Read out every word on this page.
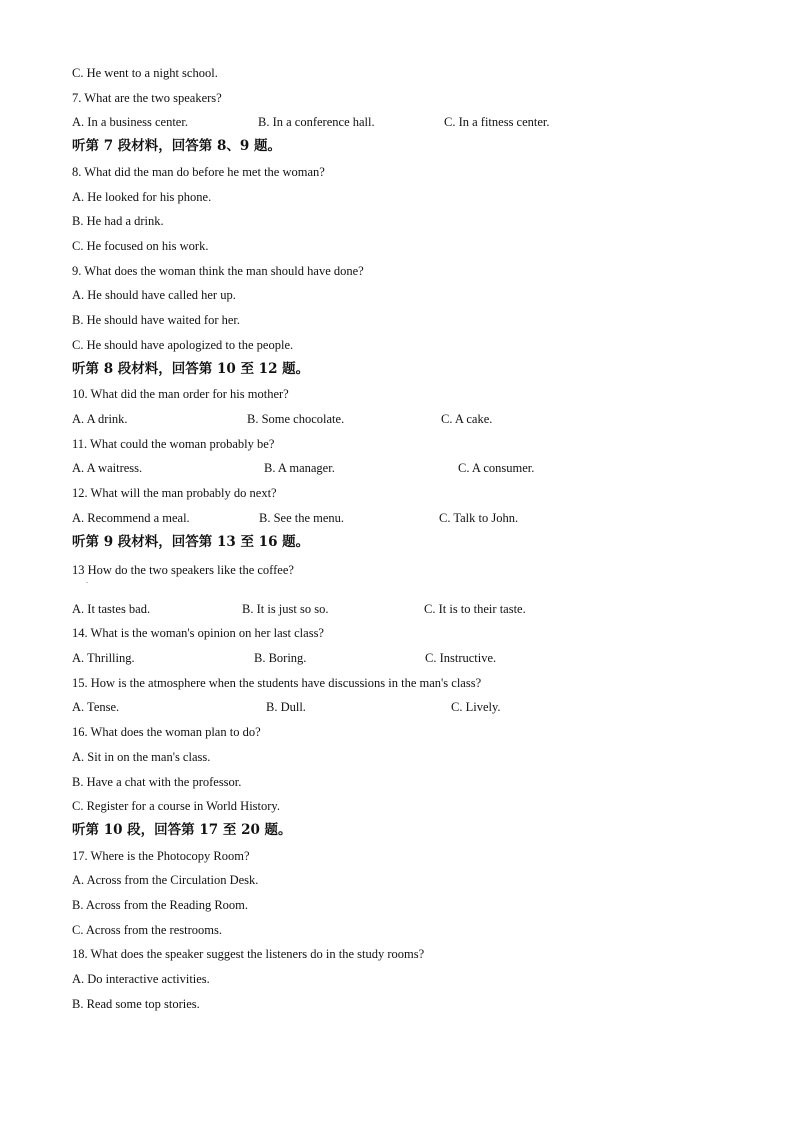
C. He went to a night school.
7. What are the two speakers?
A. In a business center.	B. In a conference hall.	C. In a fitness center.
听第 7 段材料，回答第 8、9 题。
8. What did the man do before he met the woman?
A. He looked for his phone.
B. He had a drink.
C. He focused on his work.
9. What does the woman think the man should have done?
A. He should have called her up.
B. He should have waited for her.
C. He should have apologized to the people.
听第 8 段材料，回答第 10 至 12 题。
10. What did the man order for his mother?
A. A drink.	B. Some chocolate.	C. A cake.
11. What could the woman probably be?
A. A waitress.	B. A manager.	C. A consumer.
12. What will the man probably do next?
A. Recommend a meal.	B. See the menu.	C. Talk to John.
听第 9 段材料，回答第 13 至 16 题。
13 How do the two speakers like the coffee?
.
A. It tastes bad.	B. It is just so so.	C. It is to their taste.
14. What is the woman's opinion on her last class?
A. Thrilling.	B. Boring.	C. Instructive.
15. How is the atmosphere when the students have discussions in the man's class?
A. Tense.	B. Dull.	C. Lively.
16. What does the woman plan to do?
A. Sit in on the man's class.
B. Have a chat with the professor.
C. Register for a course in World History.
听第 10 段，回答第 17 至 20 题。
17. Where is the Photocopy Room?
A. Across from the Circulation Desk.
B. Across from the Reading Room.
C. Across from the restrooms.
18. What does the speaker suggest the listeners do in the study rooms?
A. Do interactive activities.
B. Read some top stories.
